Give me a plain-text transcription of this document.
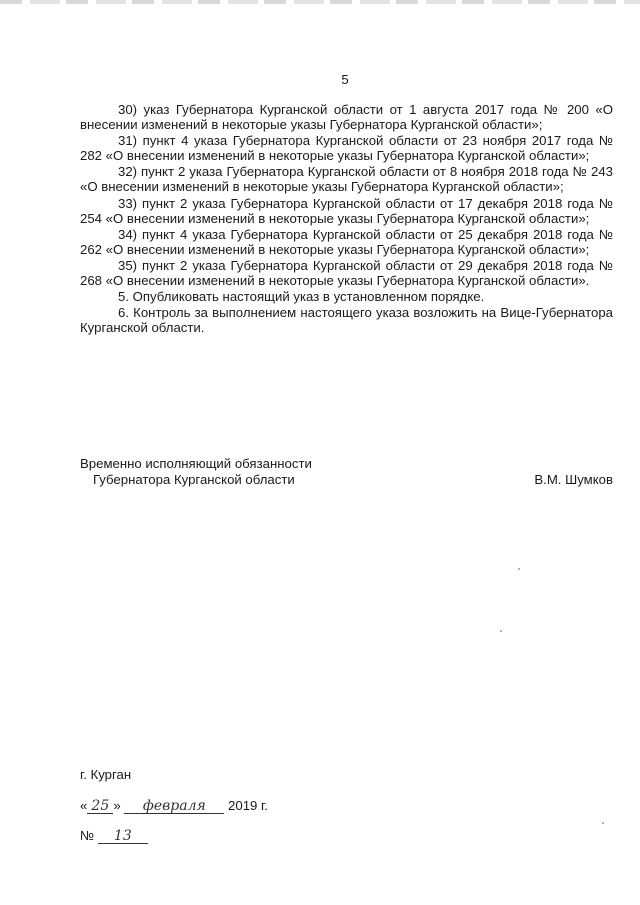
5

30) указ Губернатора Курганской области от 1 августа 2017 года № 200 «О внесении изменений в некоторые указы Губернатора Курганской области»;

31) пункт 4 указа Губернатора Курганской области от 23 ноября 2017 года № 282 «О внесении изменений в некоторые указы Губернатора Курганской области»;

32) пункт 2 указа Губернатора Курганской области от 8 ноября 2018 года № 243 «О внесении изменений в некоторые указы Губернатора Курганской области»;

33) пункт 2 указа Губернатора Курганской области от 17 декабря 2018 года № 254 «О внесении изменений в некоторые указы Губернатора Курганской области»;

34) пункт 4 указа Губернатора Курганской области от 25 декабря 2018 года № 262 «О внесении изменений в некоторые указы Губернатора Курганской области»;

35) пункт 2 указа Губернатора Курганской области от 29 декабря 2018 года № 268 «О внесении изменений в некоторые указы Губернатора Курганской области».

5. Опубликовать настоящий указ в установленном порядке.

6. Контроль за выполнением настоящего указа возложить на Вице-Губернатора Курганской области.

Временно исполняющий обязанности
Губернатора Курганской области	В.М. Шумков
г. Курган
« 25 » февраля 2019 г.
№ 13
